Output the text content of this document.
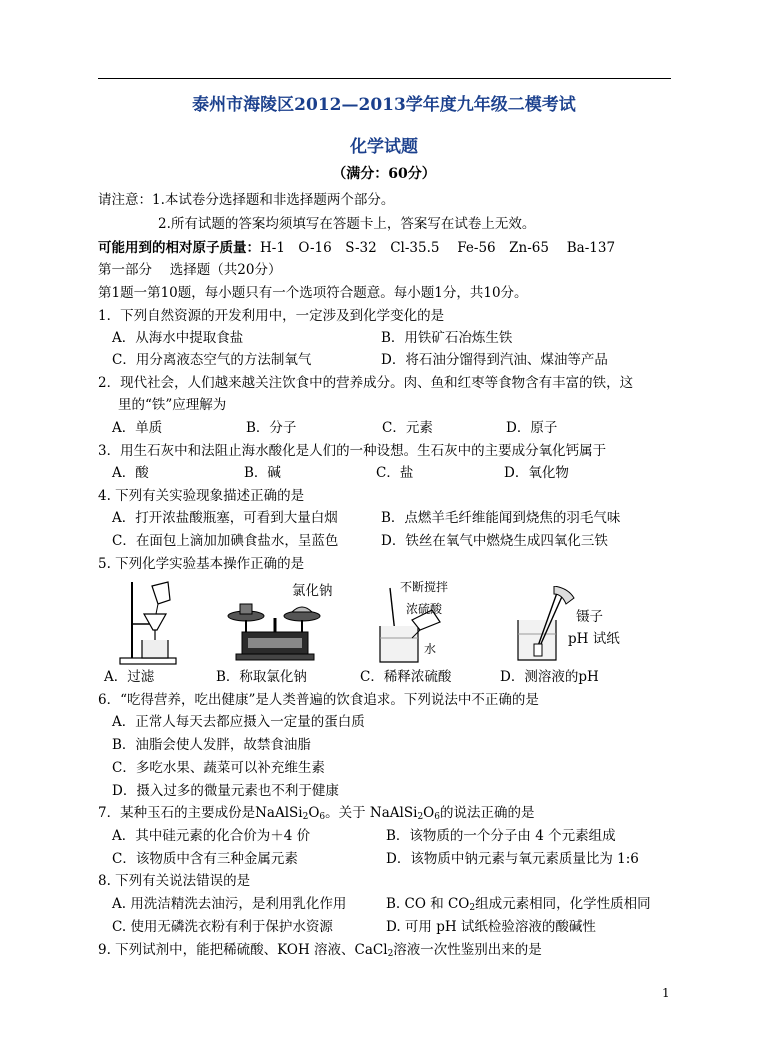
泰州市海陵区2012—2013学年度九年级二模考试
化学试题
（满分：60分）
请注意：1.本试卷分选择题和非选择题两个部分。
2.所有试题的答案均须填写在答题卡上，答案写在试卷上无效。
可能用到的相对原子质量：H-1　O-16　S-32　Cl-35.5　 Fe-56　Zn-65　 Ba-137
第一部分　 选择题（共20分）
第1题一第10题，每小题只有一个选项符合题意。每小题1分，共10分。
1．下列自然资源的开发利用中，一定涉及到化学变化的是
A．从海水中提取食盐	B．用铁矿石冶炼生铁
C．用分离液态空气的方法制氧气	D．将石油分馏得到汽油、煤油等产品
2．现代社会，人们越来越关注饮食中的营养成分。肉、鱼和红枣等食物含有丰富的铁，这
里的“铁”应理解为
A．单质	B．分子	C．元素	D．原子
3．用生石灰中和法阻止海水酸化是人们的一种设想。生石灰中的主要成分氧化钙属于
A．酸	B．碱	C．盐	D．氧化物
4. 下列有关实验现象描述正确的是
A．打开浓盐酸瓶塞，可看到大量白烟	B．点燃羊毛纤维能闻到烧焦的羽毛气味
C．在面包上滴加加碘食盐水，呈蓝色	D．铁丝在氧气中燃烧生成四氧化三铁
5. 下列化学实验基本操作正确的是
氯化钠	不断搅拌
浓硫酸
水
镊子
pH 试纸
A．过滤	B．称取氯化钠	C．稀释浓硫酸	D．测溶液的pH
6．“吃得营养，吃出健康”是人类普遍的饮食追求。下列说法中不正确的是
A．正常人每天去都应摄入一定量的蛋白质
B．油脂会使人发胖，故禁食油脂
C．多吃水果、蔬菜可以补充维生素
D．摄入过多的微量元素也不利于健康
7．某种玉石的主要成份是$NaAlSi_2O_6$。关于 $NaAlSi_2O_6$的说法正确的是
A．其中硅元素的化合价为＋4 价	B．该物质的一个分子由 4 个元素组成
C．该物质中含有三种金属元素	D．该物质中钠元素与氧元素质量比为 1:6
8. 下列有关说法错误的是
A. 用洗洁精洗去油污，是利用乳化作用	B. CO 和 $CO_2$组成元素相同，化学性质相同
C. 使用无磷洗衣粉有利于保护水资源	D. 可用 pH 试纸检验溶液的酸碱性
9. 下列试剂中，能把稀硫酸、KOH 溶液、CaCl$_2$溶液一次性鉴别出来的是
1
